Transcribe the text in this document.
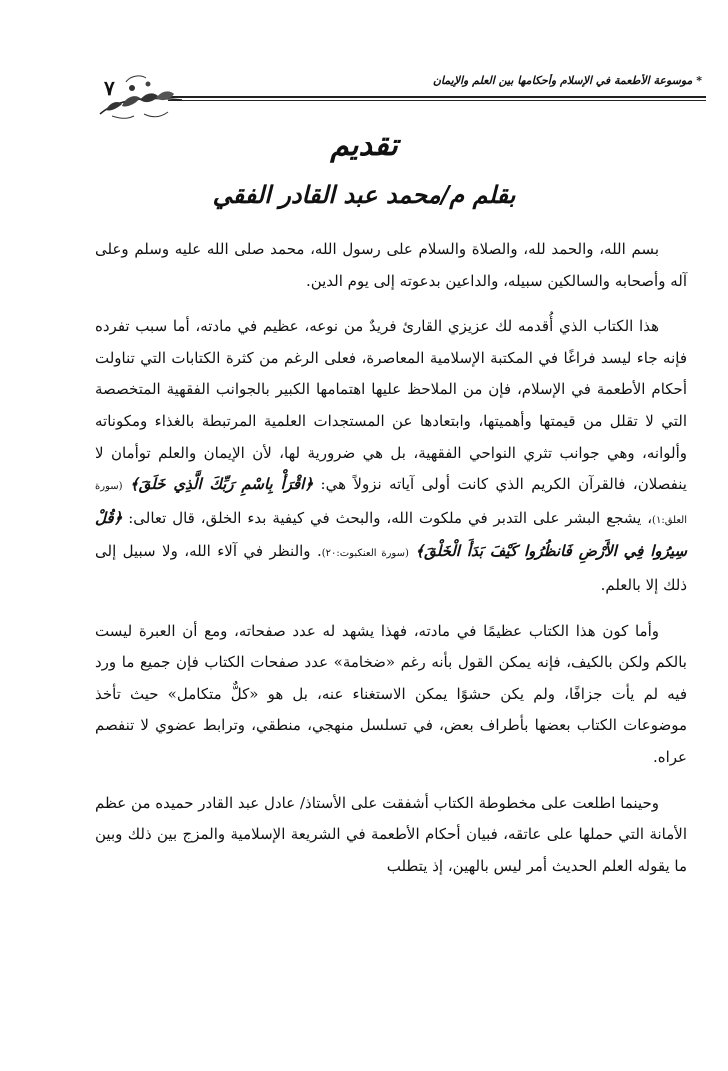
* موسوعة الأطعمة في الإسلام وأحكامها بين العلم والإيمان
٧
تقديم
بقلم م/محمد عبد القادر الفقي

بسم الله، والحمد لله، والصلاة والسلام على رسول الله، محمد صلى الله عليه وسلم وعلى آله وأصحابه والسالكين سبيله، والداعين بدعوته إلى يوم الدين.

هذا الكتاب الذي أُقدمه لك عزيزي القارئ فريدٌ من نوعه، عظيم في مادته، أما سبب تفرده فإنه جاء ليسد فراغًا في المكتبة الإسلامية المعاصرة، فعلى الرغم من كثرة الكتابات التي تناولت أحكام الأطعمة في الإسلام، فإن من الملاحظ عليها اهتمامها الكبير بالجوانب الفقهية المتخصصة التي لا تقلل من قيمتها وأهميتها، وابتعادها عن المستجدات العلمية المرتبطة بالغذاء ومكوناته وألوانه، وهي جوانب تثري النواحي الفقهية، بل هي ضرورية لها، لأن الإيمان والعلم توأمان لا ينفصلان، فالقرآن الكريم الذي كانت أولى آياته نزولاً هي: ﴿اقْرَأْ بِاسْمِ رَبِّكَ الَّذِي خَلَقَ﴾ (سورة العلق:١)، يشجع البشر على التدبر في ملكوت الله، والبحث في كيفية بدء الخلق، قال تعالى: ﴿قُلْ سِيرُوا فِي الأَرْضِ فَانظُرُوا كَيْفَ بَدَأَ الْخَلْقَ﴾ (سورة العنكبوت:٢٠). والنظر في آلاء الله، ولا سبيل إلى ذلك إلا بالعلم.

وأما كون هذا الكتاب عظيمًا في مادته، فهذا يشهد له عدد صفحاته، ومع أن العبرة ليست بالكم ولكن بالكيف، فإنه يمكن القول بأنه رغم «ضخامة» عدد صفحات الكتاب فإن جميع ما ورد فيه لم يأت جزافًا، ولم يكن حشوًا يمكن الاستغناء عنه، بل هو «كلٌّ متكامل» حيث تأخذ موضوعات الكتاب بعضها بأطراف بعض، في تسلسل منهجي، منطقي، وترابط عضوي لا تنفصم عراه.

وحينما اطلعت على مخطوطة الكتاب أشفقت على الأستاذ/ عادل عبد القادر حميده من عظم الأمانة التي حملها على عاتقه، فبيان أحكام الأطعمة في الشريعة الإسلامية والمزج بين ذلك وبين ما يقوله العلم الحديث أمر ليس بالهين، إذ يتطلب
